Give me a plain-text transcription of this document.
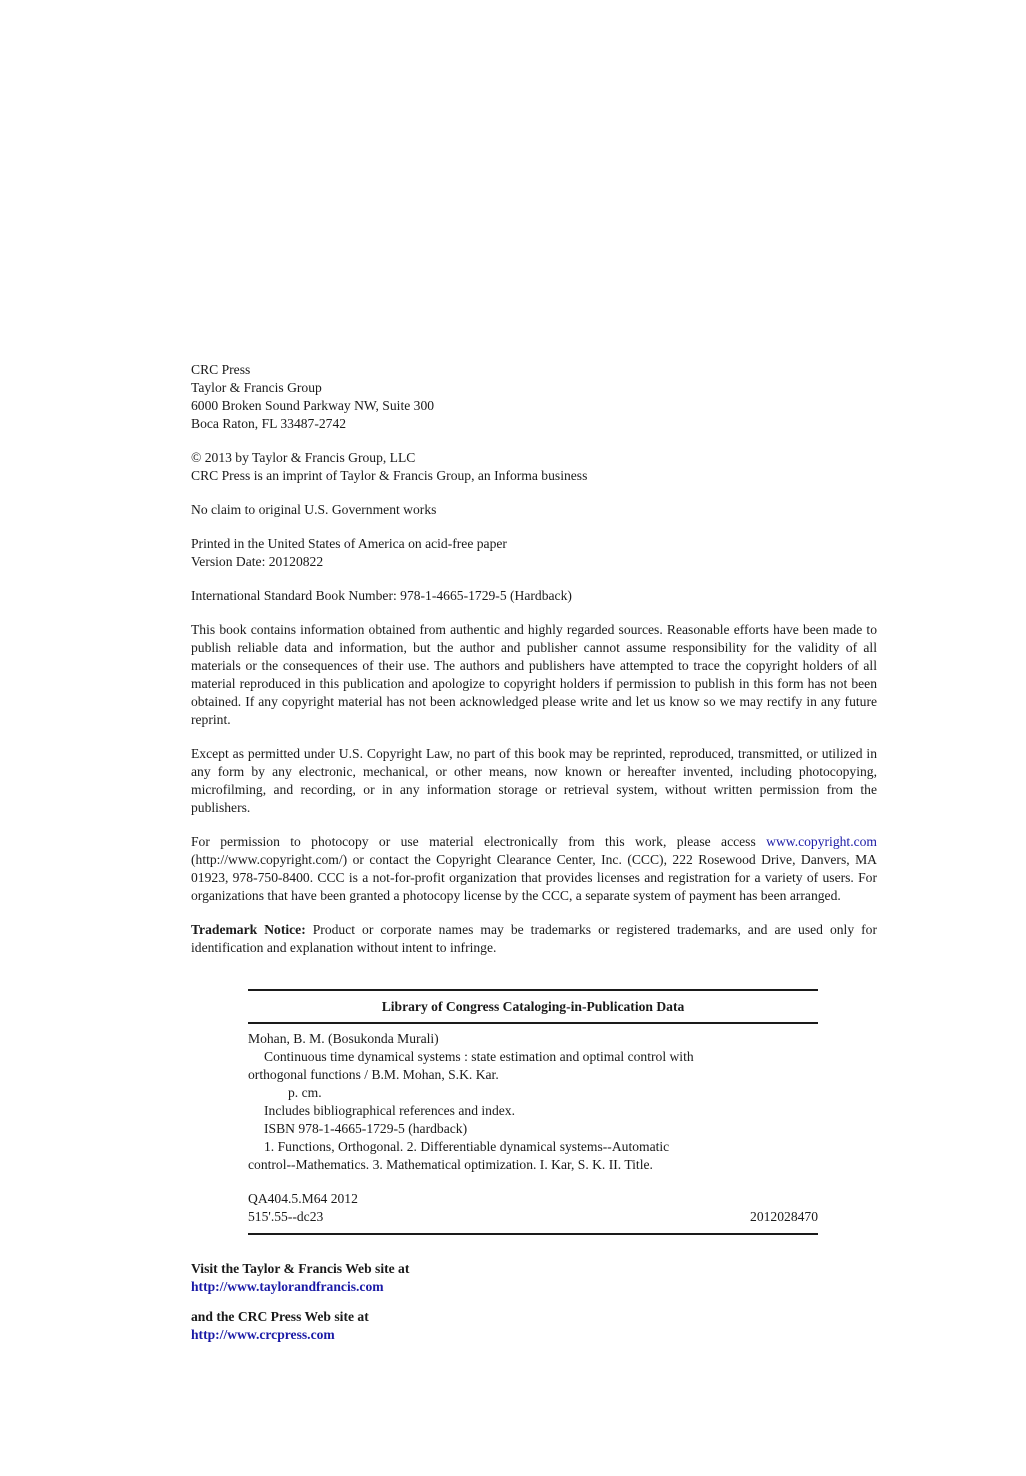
CRC Press
Taylor & Francis Group
6000 Broken Sound Parkway NW, Suite 300
Boca Raton, FL 33487-2742
© 2013 by Taylor & Francis Group, LLC
CRC Press is an imprint of Taylor & Francis Group, an Informa business
No claim to original U.S. Government works
Printed in the United States of America on acid-free paper
Version Date: 20120822
International Standard Book Number: 978-1-4665-1729-5 (Hardback)

This book contains information obtained from authentic and highly regarded sources. Reasonable efforts have been made to publish reliable data and information, but the author and publisher cannot assume responsibility for the validity of all materials or the consequences of their use. The authors and publishers have attempted to trace the copyright holders of all material reproduced in this publication and apologize to copyright holders if permission to publish in this form has not been obtained. If any copyright material has not been acknowledged please write and let us know so we may rectify in any future reprint.

Except as permitted under U.S. Copyright Law, no part of this book may be reprinted, reproduced, transmitted, or utilized in any form by any electronic, mechanical, or other means, now known or hereafter invented, including photocopying, microfilming, and recording, or in any information storage or retrieval system, without written permission from the publishers.

For permission to photocopy or use material electronically from this work, please access www.copyright.com (http://www.copyright.com/) or contact the Copyright Clearance Center, Inc. (CCC), 222 Rosewood Drive, Danvers, MA 01923, 978-750-8400. CCC is a not-for-profit organization that provides licenses and registration for a variety of users. For organizations that have been granted a photocopy license by the CCC, a separate system of payment has been arranged.

Trademark Notice: Product or corporate names may be trademarks or registered trademarks, and are used only for identification and explanation without intent to infringe.

Library of Congress Cataloging-in-Publication Data
Mohan, B. M. (Bosukonda Murali)
Continuous time dynamical systems : state estimation and optimal control with
orthogonal functions / B.M. Mohan, S.K. Kar.
p. cm.
Includes bibliographical references and index.
ISBN 978-1-4665-1729-5 (hardback)
1. Functions, Orthogonal. 2. Differentiable dynamical systems--Automatic
control--Mathematics. 3. Mathematical optimization. I. Kar, S. K. II. Title.
QA404.5.M64 2012
515'.55--dc23	2012028470
Visit the Taylor & Francis Web site at
http://www.taylorandfrancis.com
and the CRC Press Web site at
http://www.crcpress.com
